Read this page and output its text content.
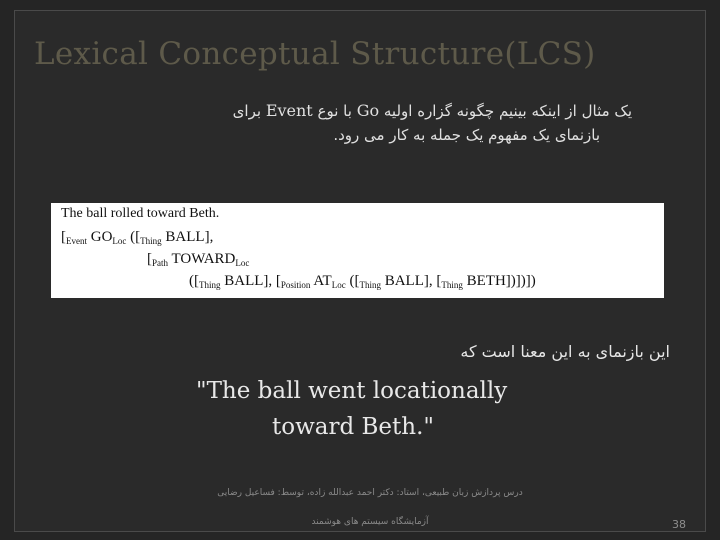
Lexical Conceptual Structure(LCS)
یک مثال از اینکه بینیم چگونه گزاره اولیه Go با نوع Event برای
بازنمای یک مفهوم یک جمله به کار می رود.
The ball rolled toward Beth.
[$_{Event}$ $GO_{Loc}$ ([$_{Thing}$ BALL],
[$_{Path}$ $TOWARD_{Loc}$
([$_{Thing}$ BALL], [$_{Position}$ $AT_{Loc}$ ([$_{Thing}$ BALL], [$_{Thing}$ BETH])])])
این بازنمای به این معنا است که
"The ball went locationally
toward Beth."
درس پردازش زبان طبیعی، استاد: دکتر احمد عبدالله زاده، توسط: فساعیل رضایی
آزمایشگاه سیستم های هوشمند	38
